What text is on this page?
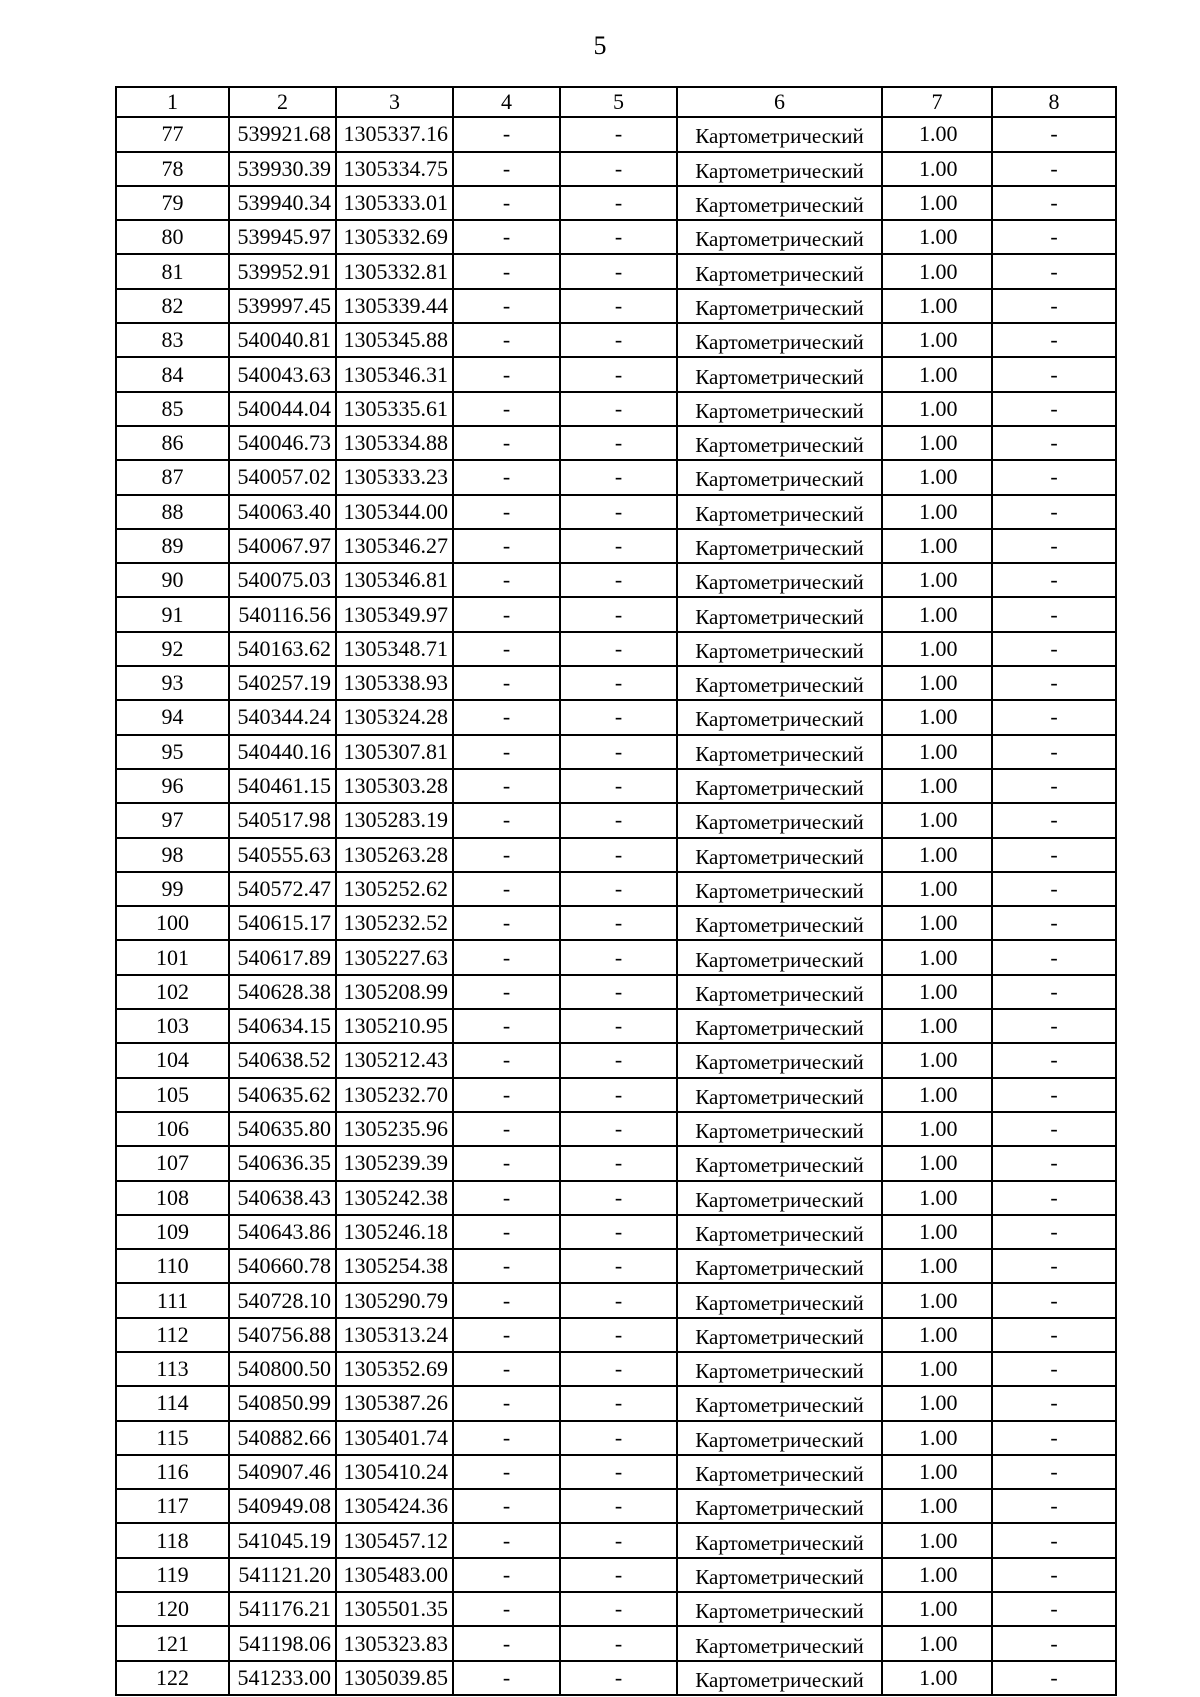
5
1	2	3	4	5	6	7	8
77	539921.68	1305337.16	-	-	Картометрический	1.00	-
78	539930.39	1305334.75	-	-	Картометрический	1.00	-
79	539940.34	1305333.01	-	-	Картометрический	1.00	-
80	539945.97	1305332.69	-	-	Картометрический	1.00	-
81	539952.91	1305332.81	-	-	Картометрический	1.00	-
82	539997.45	1305339.44	-	-	Картометрический	1.00	-
83	540040.81	1305345.88	-	-	Картометрический	1.00	-
84	540043.63	1305346.31	-	-	Картометрический	1.00	-
85	540044.04	1305335.61	-	-	Картометрический	1.00	-
86	540046.73	1305334.88	-	-	Картометрический	1.00	-
87	540057.02	1305333.23	-	-	Картометрический	1.00	-
88	540063.40	1305344.00	-	-	Картометрический	1.00	-
89	540067.97	1305346.27	-	-	Картометрический	1.00	-
90	540075.03	1305346.81	-	-	Картометрический	1.00	-
91	540116.56	1305349.97	-	-	Картометрический	1.00	-
92	540163.62	1305348.71	-	-	Картометрический	1.00	-
93	540257.19	1305338.93	-	-	Картометрический	1.00	-
94	540344.24	1305324.28	-	-	Картометрический	1.00	-
95	540440.16	1305307.81	-	-	Картометрический	1.00	-
96	540461.15	1305303.28	-	-	Картометрический	1.00	-
97	540517.98	1305283.19	-	-	Картометрический	1.00	-
98	540555.63	1305263.28	-	-	Картометрический	1.00	-
99	540572.47	1305252.62	-	-	Картометрический	1.00	-
100	540615.17	1305232.52	-	-	Картометрический	1.00	-
101	540617.89	1305227.63	-	-	Картометрический	1.00	-
102	540628.38	1305208.99	-	-	Картометрический	1.00	-
103	540634.15	1305210.95	-	-	Картометрический	1.00	-
104	540638.52	1305212.43	-	-	Картометрический	1.00	-
105	540635.62	1305232.70	-	-	Картометрический	1.00	-
106	540635.80	1305235.96	-	-	Картометрический	1.00	-
107	540636.35	1305239.39	-	-	Картометрический	1.00	-
108	540638.43	1305242.38	-	-	Картометрический	1.00	-
109	540643.86	1305246.18	-	-	Картометрический	1.00	-
110	540660.78	1305254.38	-	-	Картометрический	1.00	-
111	540728.10	1305290.79	-	-	Картометрический	1.00	-
112	540756.88	1305313.24	-	-	Картометрический	1.00	-
113	540800.50	1305352.69	-	-	Картометрический	1.00	-
114	540850.99	1305387.26	-	-	Картометрический	1.00	-
115	540882.66	1305401.74	-	-	Картометрический	1.00	-
116	540907.46	1305410.24	-	-	Картометрический	1.00	-
117	540949.08	1305424.36	-	-	Картометрический	1.00	-
118	541045.19	1305457.12	-	-	Картометрический	1.00	-
119	541121.20	1305483.00	-	-	Картометрический	1.00	-
120	541176.21	1305501.35	-	-	Картометрический	1.00	-
121	541198.06	1305323.83	-	-	Картометрический	1.00	-
122	541233.00	1305039.85	-	-	Картометрический	1.00	-
